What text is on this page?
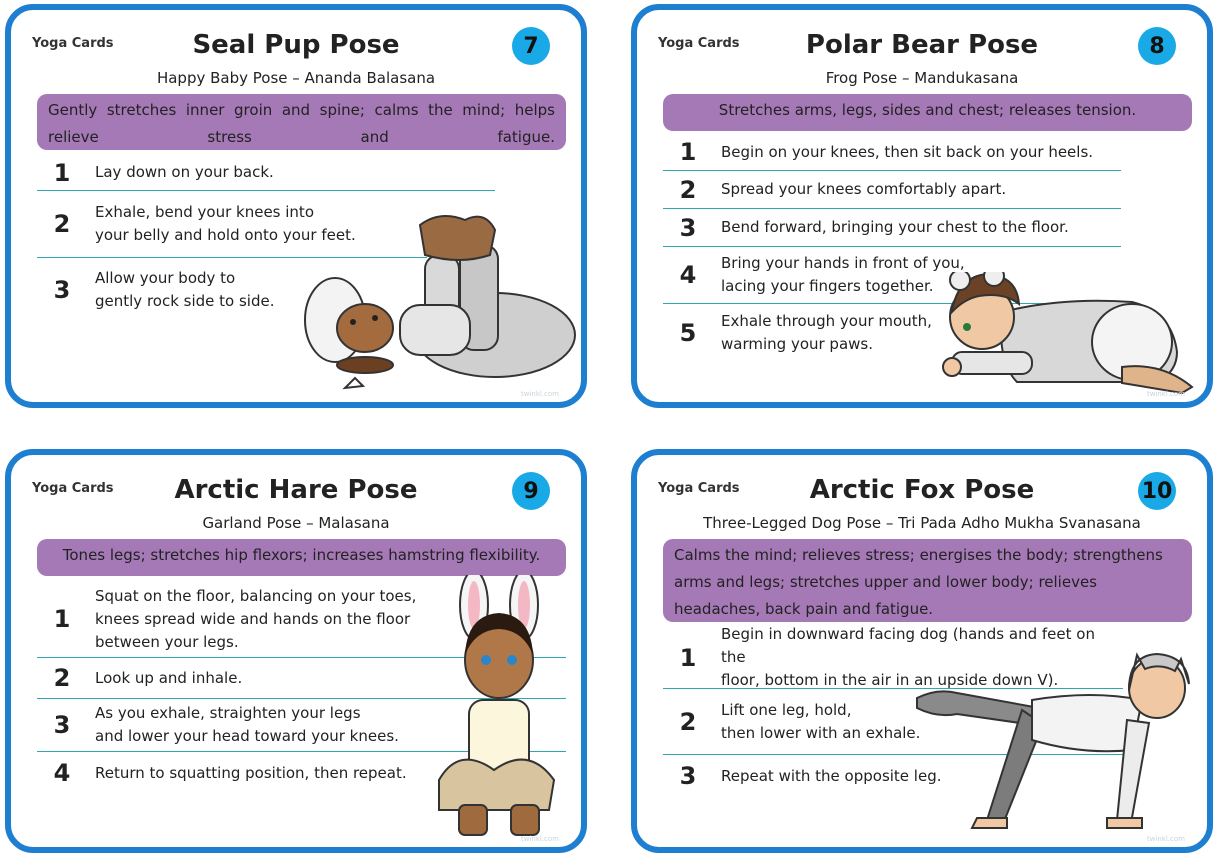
Yoga Cards	Seal Pup Pose	7
Happy Baby Pose – Ananda Balasana
Gently stretches inner groin and spine; calms the mind; helps relieve stress and fatigue.
1	Lay down on your back.
2	Exhale, bend your knees into
your belly and hold onto your feet.
3	Allow your body to
gently rock side to side.
twinkl.com
Yoga Cards	Polar Bear Pose	8
Frog Pose – Mandukasana
Stretches arms, legs, sides and chest; releases tension.
1	Begin on your knees, then sit back on your heels.
2	Spread your knees comfortably apart.
3	Bend forward, bringing your chest to the floor.
4	Bring your hands in front of you,
lacing your fingers together.
5	Exhale through your mouth,
warming your paws.
twinkl.com
Yoga Cards	Arctic Hare Pose	9
Garland Pose – Malasana
Tones legs; stretches hip flexors; increases hamstring flexibility.
1
Squat on the floor, balancing on your toes,
knees spread wide and hands on the floor
between your legs.
2	Look up and inhale.
3	As you exhale, straighten your legs
and lower your head toward your knees.
4	Return to squatting position, then repeat.
twinkl.com
Yoga Cards	Arctic Fox Pose	10
Three-Legged Dog Pose – Tri Pada Adho Mukha Svanasana
Calms the mind; relieves stress; energises the body; strengthens arms and legs; stretches upper and lower body; relieves headaches, back pain and fatigue.
1
Begin in downward facing dog (hands and feet on the
floor, bottom in the air in an upside down V).
2	Lift one leg, hold,
then lower with an exhale.
3	Repeat with the opposite leg.
twinkl.com
